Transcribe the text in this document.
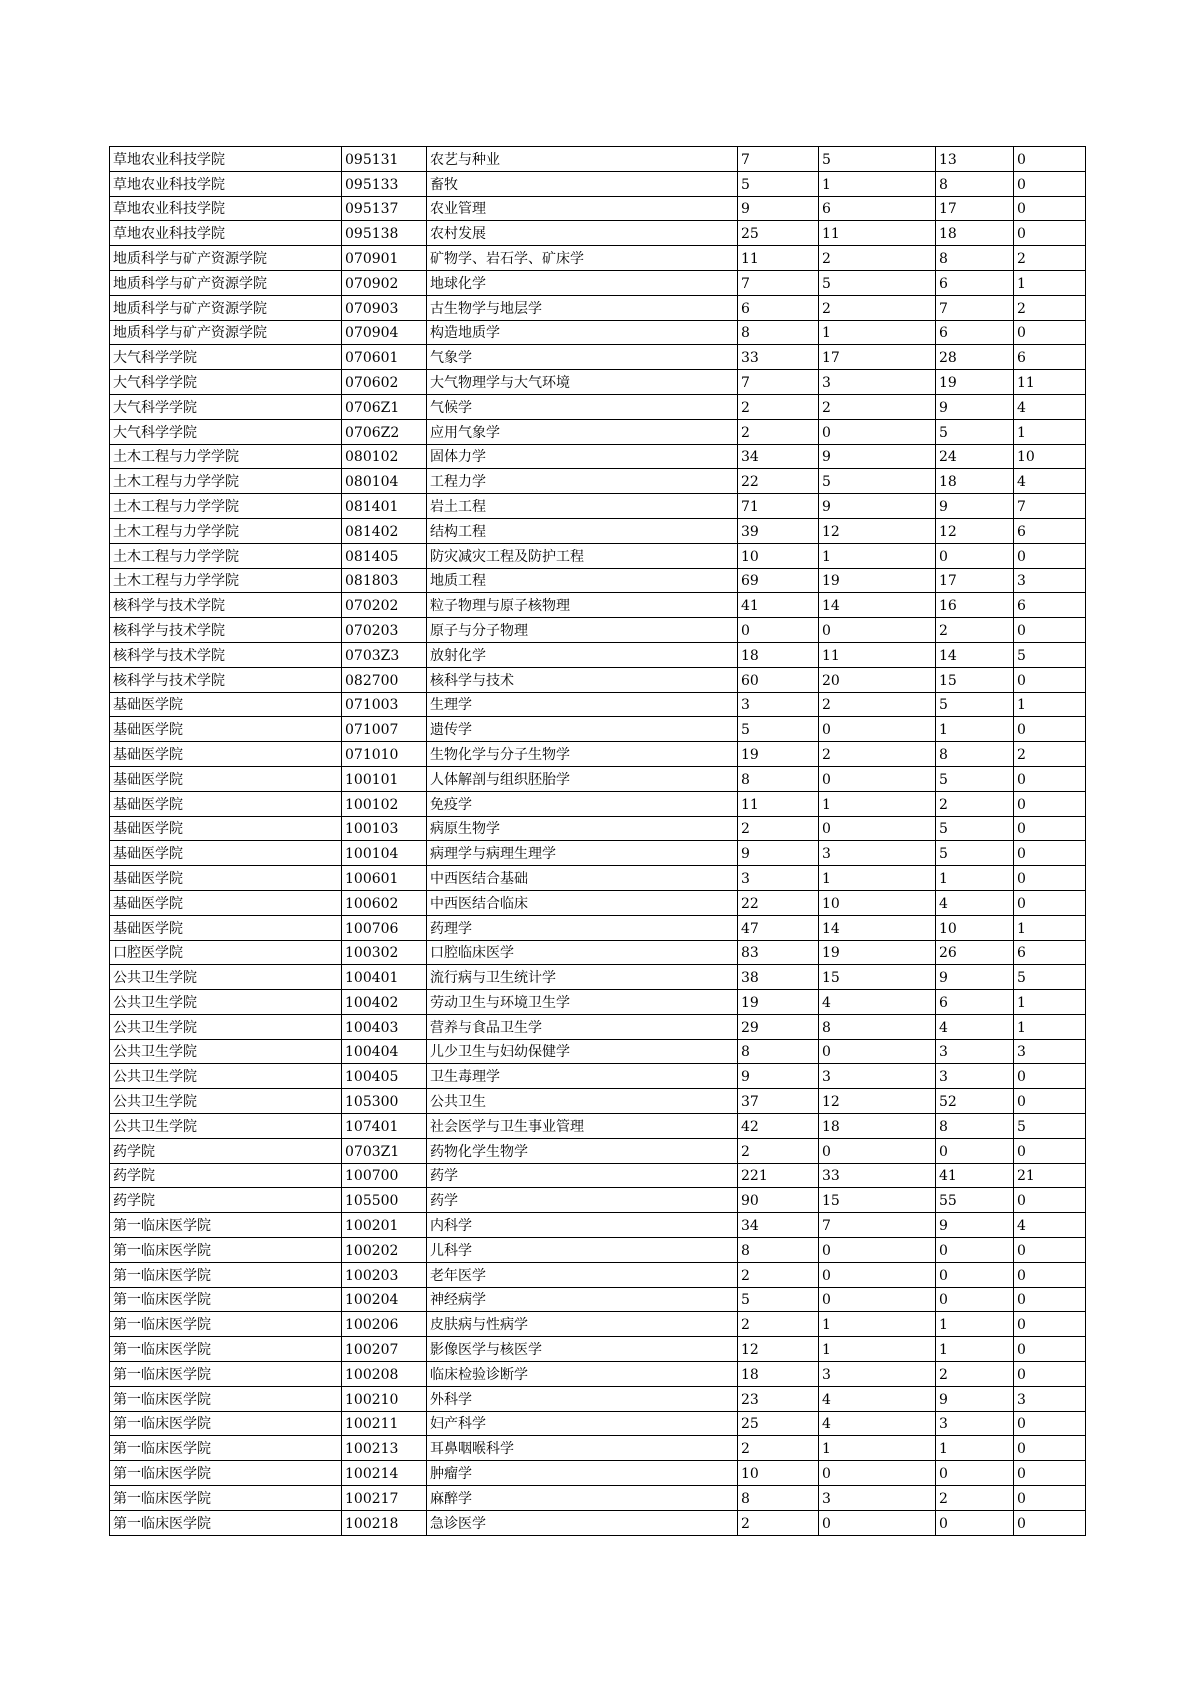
草地农业科技学院	095131	农艺与种业	7	5	13	0
草地农业科技学院	095133	畜牧	5	1	8	0
草地农业科技学院	095137	农业管理	9	6	17	0
草地农业科技学院	095138	农村发展	25	11	18	0
地质科学与矿产资源学院	070901	矿物学、岩石学、矿床学	11	2	8	2
地质科学与矿产资源学院	070902	地球化学	7	5	6	1
地质科学与矿产资源学院	070903	古生物学与地层学	6	2	7	2
地质科学与矿产资源学院	070904	构造地质学	8	1	6	0
大气科学学院	070601	气象学	33	17	28	6
大气科学学院	070602	大气物理学与大气环境	7	3	19	11
大气科学学院	0706Z1	气候学	2	2	9	4
大气科学学院	0706Z2	应用气象学	2	0	5	1
土木工程与力学学院	080102	固体力学	34	9	24	10
土木工程与力学学院	080104	工程力学	22	5	18	4
土木工程与力学学院	081401	岩土工程	71	9	9	7
土木工程与力学学院	081402	结构工程	39	12	12	6
土木工程与力学学院	081405	防灾减灾工程及防护工程	10	1	0	0
土木工程与力学学院	081803	地质工程	69	19	17	3
核科学与技术学院	070202	粒子物理与原子核物理	41	14	16	6
核科学与技术学院	070203	原子与分子物理	0	0	2	0
核科学与技术学院	0703Z3	放射化学	18	11	14	5
核科学与技术学院	082700	核科学与技术	60	20	15	0
基础医学院	071003	生理学	3	2	5	1
基础医学院	071007	遗传学	5	0	1	0
基础医学院	071010	生物化学与分子生物学	19	2	8	2
基础医学院	100101	人体解剖与组织胚胎学	8	0	5	0
基础医学院	100102	免疫学	11	1	2	0
基础医学院	100103	病原生物学	2	0	5	0
基础医学院	100104	病理学与病理生理学	9	3	5	0
基础医学院	100601	中西医结合基础	3	1	1	0
基础医学院	100602	中西医结合临床	22	10	4	0
基础医学院	100706	药理学	47	14	10	1
口腔医学院	100302	口腔临床医学	83	19	26	6
公共卫生学院	100401	流行病与卫生统计学	38	15	9	5
公共卫生学院	100402	劳动卫生与环境卫生学	19	4	6	1
公共卫生学院	100403	营养与食品卫生学	29	8	4	1
公共卫生学院	100404	儿少卫生与妇幼保健学	8	0	3	3
公共卫生学院	100405	卫生毒理学	9	3	3	0
公共卫生学院	105300	公共卫生	37	12	52	0
公共卫生学院	107401	社会医学与卫生事业管理	42	18	8	5
药学院	0703Z1	药物化学生物学	2	0	0	0
药学院	100700	药学	221	33	41	21
药学院	105500	药学	90	15	55	0
第一临床医学院	100201	内科学	34	7	9	4
第一临床医学院	100202	儿科学	8	0	0	0
第一临床医学院	100203	老年医学	2	0	0	0
第一临床医学院	100204	神经病学	5	0	0	0
第一临床医学院	100206	皮肤病与性病学	2	1	1	0
第一临床医学院	100207	影像医学与核医学	12	1	1	0
第一临床医学院	100208	临床检验诊断学	18	3	2	0
第一临床医学院	100210	外科学	23	4	9	3
第一临床医学院	100211	妇产科学	25	4	3	0
第一临床医学院	100213	耳鼻咽喉科学	2	1	1	0
第一临床医学院	100214	肿瘤学	10	0	0	0
第一临床医学院	100217	麻醉学	8	3	2	0
第一临床医学院	100218	急诊医学	2	0	0	0
